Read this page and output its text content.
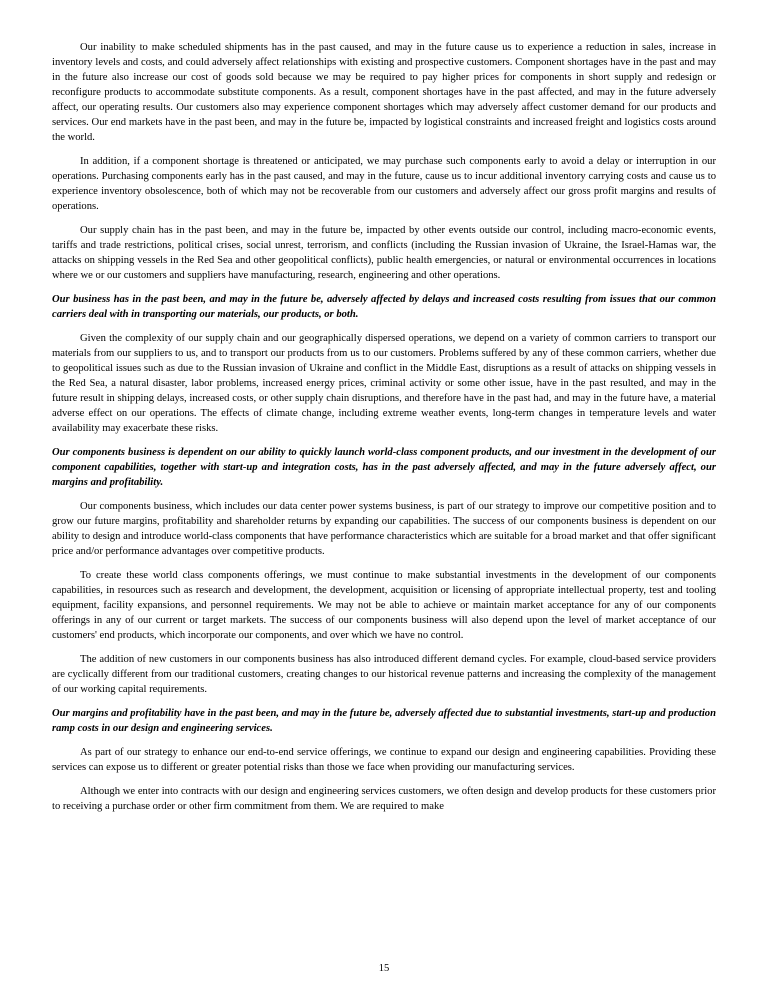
Our inability to make scheduled shipments has in the past caused, and may in the future cause us to experience a reduction in sales, increase in inventory levels and costs, and could adversely affect relationships with existing and prospective customers. Component shortages have in the past and may in the future also increase our cost of goods sold because we may be required to pay higher prices for components in short supply and redesign or reconfigure products to accommodate substitute components. As a result, component shortages have in the past affected, and may in the future adversely affect, our operating results. Our customers also may experience component shortages which may adversely affect customer demand for our products and services. Our end markets have in the past been, and may in the future be, impacted by logistical constraints and increased freight and logistics costs around the world.

In addition, if a component shortage is threatened or anticipated, we may purchase such components early to avoid a delay or interruption in our operations. Purchasing components early has in the past caused, and may in the future, cause us to incur additional inventory carrying costs and cause us to experience inventory obsolescence, both of which may not be recoverable from our customers and adversely affect our gross profit margins and results of operations.

Our supply chain has in the past been, and may in the future be, impacted by other events outside our control, including macro-economic events, tariffs and trade restrictions, political crises, social unrest, terrorism, and conflicts (including the Russian invasion of Ukraine, the Israel-Hamas war, the attacks on shipping vessels in the Red Sea and other geopolitical conflicts), public health emergencies, or natural or environmental occurrences in locations where we or our customers and suppliers have manufacturing, research, engineering and other operations.

Our business has in the past been, and may in the future be, adversely affected by delays and increased costs resulting from issues that our common carriers deal with in transporting our materials, our products, or both.

Given the complexity of our supply chain and our geographically dispersed operations, we depend on a variety of common carriers to transport our materials from our suppliers to us, and to transport our products from us to our customers. Problems suffered by any of these common carriers, whether due to geopolitical issues such as due to the Russian invasion of Ukraine and conflict in the Middle East, disruptions as a result of attacks on shipping vessels in the Red Sea, a natural disaster, labor problems, increased energy prices, criminal activity or some other issue, have in the past resulted, and may in the future result in shipping delays, increased costs, or other supply chain disruptions, and therefore have in the past had, and may in the future have, a material adverse effect on our operations. The effects of climate change, including extreme weather events, long-term changes in temperature levels and water availability may exacerbate these risks.

Our components business is dependent on our ability to quickly launch world-class component products, and our investment in the development of our component capabilities, together with start-up and integration costs, has in the past adversely affected, and may in the future adversely affect, our margins and profitability.

Our components business, which includes our data center power systems business, is part of our strategy to improve our competitive position and to grow our future margins, profitability and shareholder returns by expanding our capabilities. The success of our components business is dependent on our ability to design and introduce world-class components that have performance characteristics which are suitable for a broad market and that offer significant price and/or performance advantages over competitive products.

To create these world class components offerings, we must continue to make substantial investments in the development of our components capabilities, in resources such as research and development, the development, acquisition or licensing of appropriate intellectual property, test and tooling equipment, facility expansions, and personnel requirements. We may not be able to achieve or maintain market acceptance for any of our components offerings in any of our current or target markets. The success of our components business will also depend upon the level of market acceptance of our customers' end products, which incorporate our components, and over which we have no control.

The addition of new customers in our components business has also introduced different demand cycles. For example, cloud-based service providers are cyclically different from our traditional customers, creating changes to our historical revenue patterns and increasing the complexity of the management of our working capital requirements.

Our margins and profitability have in the past been, and may in the future be, adversely affected due to substantial investments, start-up and production ramp costs in our design and engineering services.

As part of our strategy to enhance our end-to-end service offerings, we continue to expand our design and engineering capabilities. Providing these services can expose us to different or greater potential risks than those we face when providing our manufacturing services.

Although we enter into contracts with our design and engineering services customers, we often design and develop products for these customers prior to receiving a purchase order or other firm commitment from them. We are required to make

15
